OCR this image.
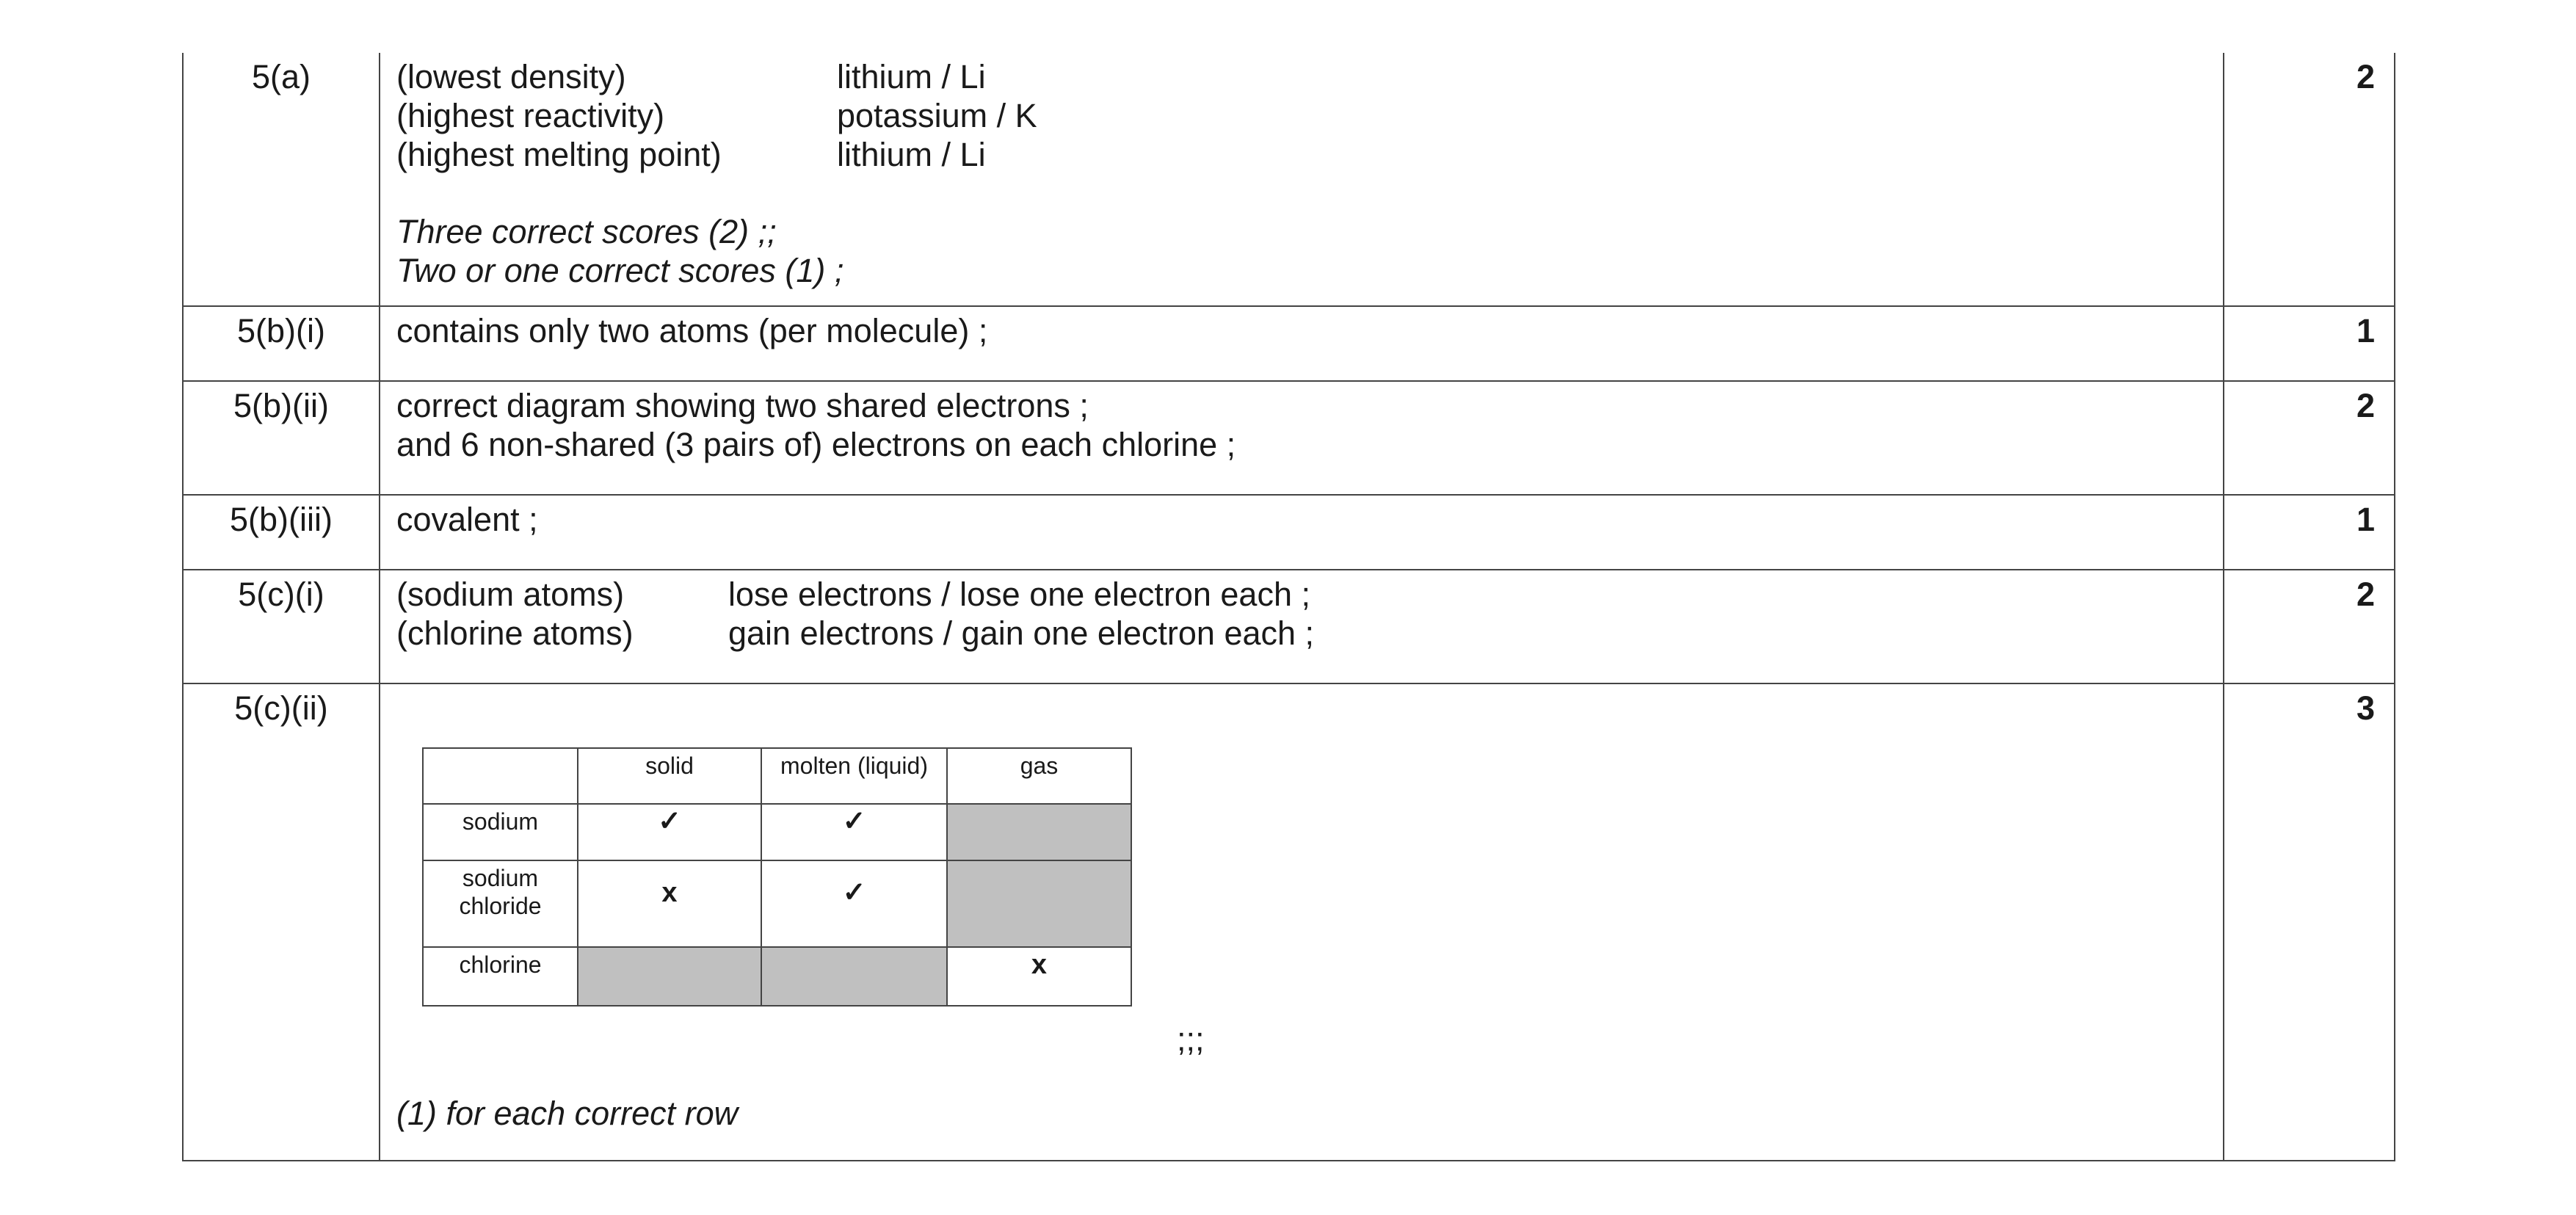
5(a)	(lowest density)	lithium / Li
(highest reactivity)	potassium / K
(highest melting point)	lithium / Li
Three correct scores (2) ;;
Two or one correct scores (1) ;
	2
5(b)(i)	contains only two atoms (per molecule) ;	1
5(b)(ii)	correct diagram showing two shared electrons ;
and 6 non-shared (3 pairs of) electrons on each chlorine ;
	2
5(b)(iii)	covalent ;	1
5(c)(i)	(sodium atoms)	lose electrons / lose one electron each ;
(chlorine atoms)	gain electrons / gain one electron each ;
	2
5(c)(ii)	
	solid	molten (liquid)	gas
sodium	✓	✓	
sodium
chloride	x	✓	
chlorine			x
;;;
(1) for each correct row
	3
